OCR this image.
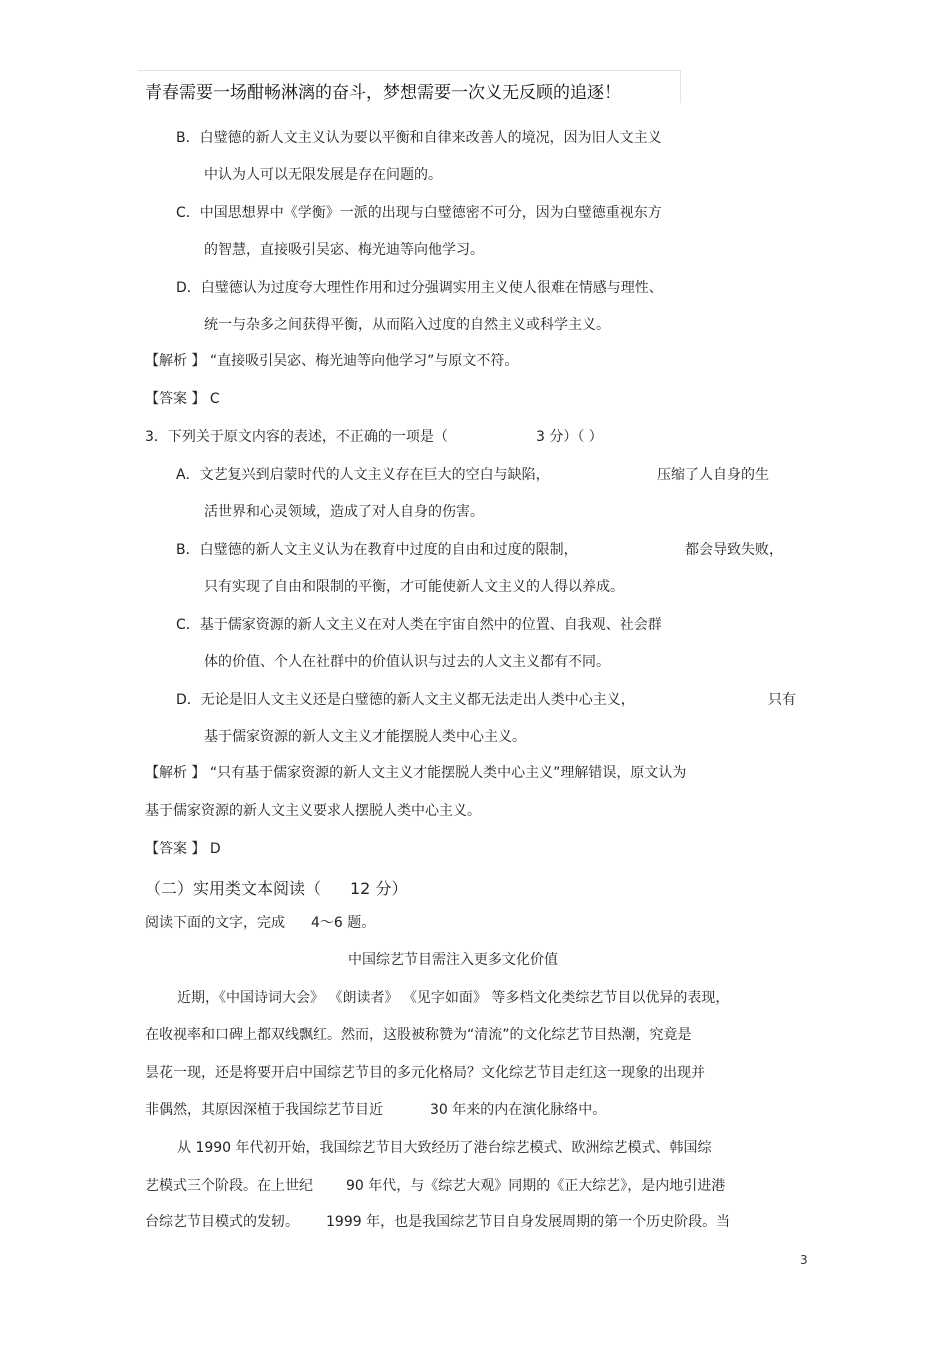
青春需要一场酣畅淋漓的奋斗，梦想需要一次义无反顾的追逐！
B．白璧德的新人文主义认为要以平衡和自律来改善人的境况，因为旧人文主义
中认为人可以无限发展是存在问题的。
C．中国思想界中《学衡》一派的出现与白璧德密不可分，因为白璧德重视东方
的智慧，直接吸引吴宓、梅光迪等向他学习。
D．白璧德认为过度夸大理性作用和过分强调实用主义使人很难在情感与理性、
统一与杂多之间获得平衡，从而陷入过度的自然主义或科学主义。
【解析 】 “直接吸引吴宓、梅光迪等向他学习”与原文不符。
【答案 】 C
3．下列关于原文内容的表述，不正确的一项是（	3 分）（ ）
A．文艺复兴到启蒙时代的人文主义存在巨大的空白与缺陷，	压缩了人自身的生
活世界和心灵领域，造成了对人自身的伤害。
B．白璧德的新人文主义认为在教育中过度的自由和过度的限制，	都会导致失败，
只有实现了自由和限制的平衡，才可能使新人文主义的人得以养成。
C．基于儒家资源的新人文主义在对人类在宇宙自然中的位置、自我观、社会群
体的价值、个人在社群中的价值认识与过去的人文主义都有不同。
D．无论是旧人文主义还是白璧德的新人文主义都无法走出人类中心主义，	只有
基于儒家资源的新人文主义才能摆脱人类中心主义。
【解析 】 “只有基于儒家资源的新人文主义才能摆脱人类中心主义”理解错误，原文认为
基于儒家资源的新人文主义要求人摆脱人类中心主义。
【答案 】 D
（二）实用类文本阅读（ 12 分）
阅读下面的文字，完成 4～6 题。
中国综艺节目需注入更多文化价值
近期，《中国诗词大会》 《朗读者》 《见字如面》 等多档文化类综艺节目以优异的表现，
在收视率和口碑上都双线飘红。然而，这股被称赞为“清流”的文化综艺节目热潮，究竟是
昙花一现，还是将要开启中国综艺节目的多元化格局？文化综艺节目走红这一现象的出现并
非偶然，其原因深植于我国综艺节目近	30 年来的内在演化脉络中。
从 1990 年代初开始，我国综艺节目大致经历了港台综艺模式、欧洲综艺模式、韩国综
艺模式三个阶段。在上世纪 90 年代，与《综艺大观》同期的《正大综艺》，是内地引进港
台综艺节目模式的发轫。 1999 年，也是我国综艺节目自身发展周期的第一个历史阶段。当
3
